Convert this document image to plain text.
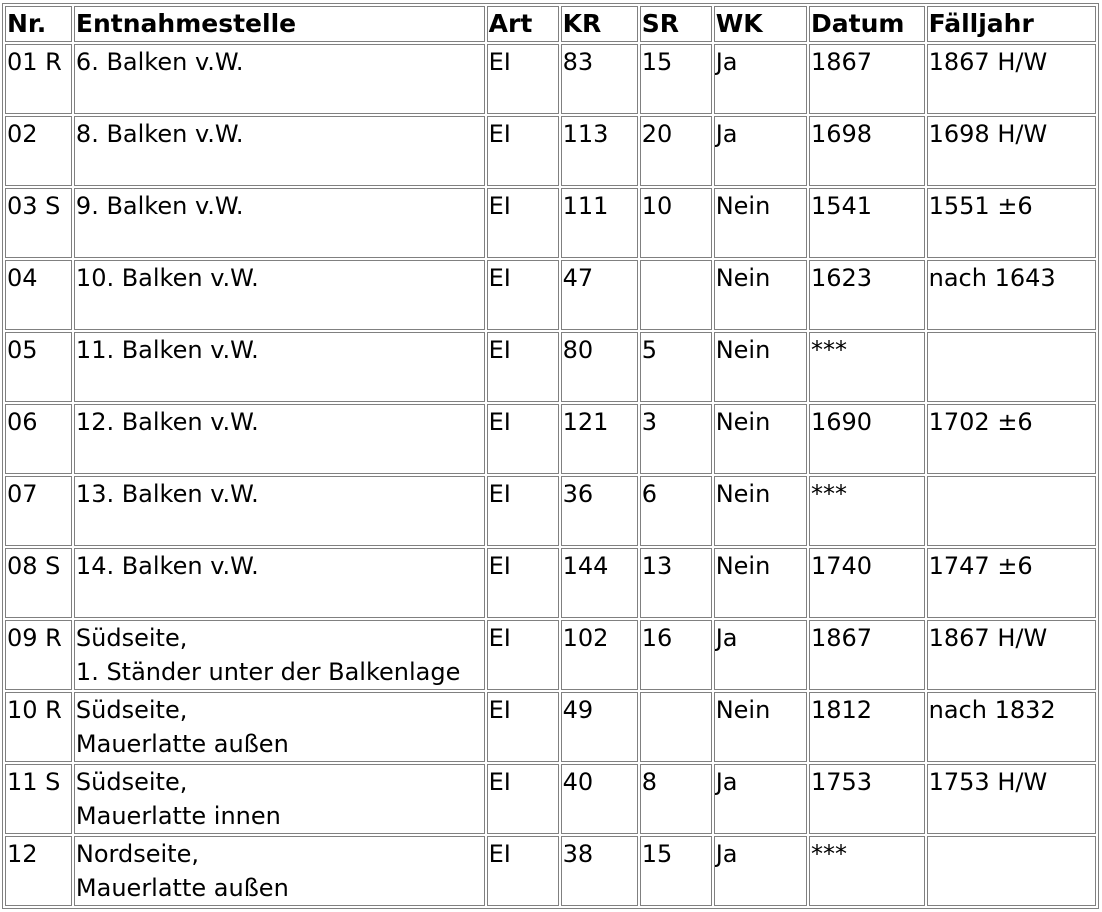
Nr.	Entnahmestelle	Art	KR	SR	WK	Datum	Fälljahr
01 R	6. Balken v.W.	EI	83	15	Ja	1867	1867 H/W
02	8. Balken v.W.	EI	113	20	Ja	1698	1698 H/W
03 S	9. Balken v.W.	EI	111	10	Nein	1541	1551 ±6
04	10. Balken v.W.	EI	47		Nein	1623	nach 1643
05	11. Balken v.W.	EI	80	5	Nein	***	
06	12. Balken v.W.	EI	121	3	Nein	1690	1702 ±6
07	13. Balken v.W.	EI	36	6	Nein	***	
08 S	14. Balken v.W.	EI	144	13	Nein	1740	1747 ±6
09 R	Südseite,
1. Ständer unter der Balkenlage	EI	102	16	Ja	1867	1867 H/W
10 R	Südseite,
Mauerlatte außen	EI	49		Nein	1812	nach 1832
11 S	Südseite,
Mauerlatte innen	EI	40	8	Ja	1753	1753 H/W
12	Nordseite,
Mauerlatte außen	EI	38	15	Ja	***	
